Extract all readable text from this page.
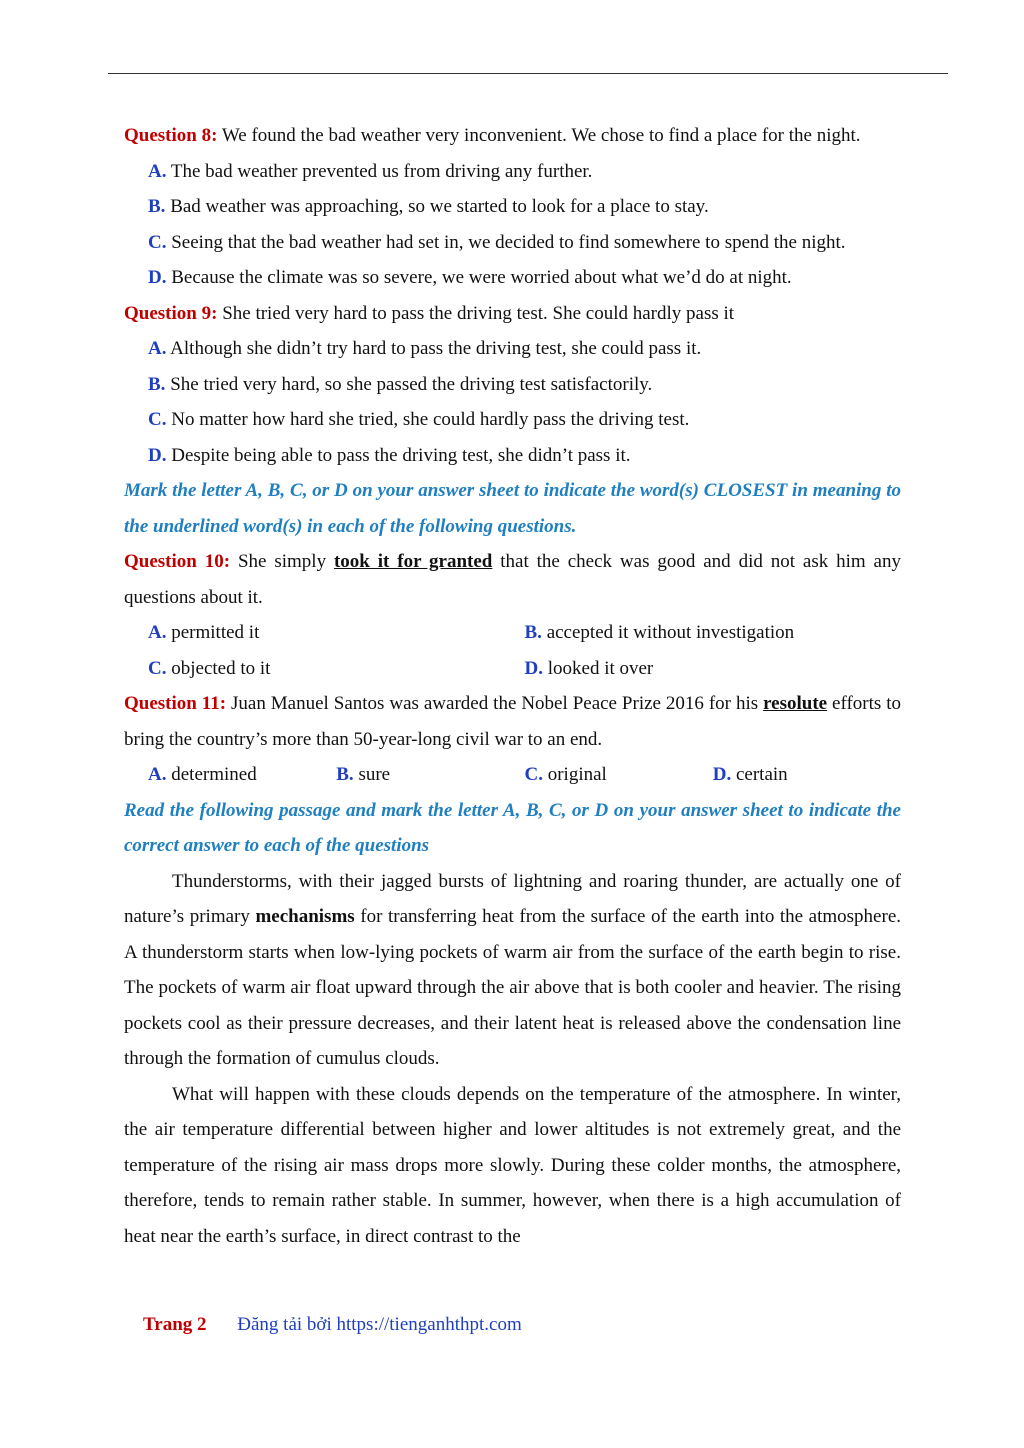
Question 8: We found the bad weather very inconvenient. We chose to find a place for the night.

A. The bad weather prevented us from driving any further.

B. Bad weather was approaching, so we started to look for a place to stay.

C. Seeing that the bad weather had set in, we decided to find somewhere to spend the night.

D. Because the climate was so severe, we were worried about what we’d do at night.

Question 9: She tried very hard to pass the driving test. She could hardly pass it

A. Although she didn’t try hard to pass the driving test, she could pass it.

B. She tried very hard, so she passed the driving test satisfactorily.

C. No matter how hard she tried, she could hardly pass the driving test.

D. Despite being able to pass the driving test, she didn’t pass it.

Mark the letter A, B, C, or D on your answer sheet to indicate the word(s) CLOSEST in meaning to the underlined word(s) in each of the following questions.

Question 10: She simply took it for granted that the check was good and did not ask him any questions about it.

A. permitted it	B. accepted it without investigation
C. objected to it	D. looked it over

Question 11: Juan Manuel Santos was awarded the Nobel Peace Prize 2016 for his resolute efforts to bring the country’s more than 50-year-long civil war to an end.

A. determined	B. sure	C. original	D. certain

Read the following passage and mark the letter A, B, C, or D on your answer sheet to indicate the correct answer to each of the questions

Thunderstorms, with their jagged bursts of lightning and roaring thunder, are actually one of nature’s primary mechanisms for transferring heat from the surface of the earth into the atmosphere. A thunderstorm starts when low-lying pockets of warm air from the surface of the earth begin to rise. The pockets of warm air float upward through the air above that is both cooler and heavier. The rising pockets cool as their pressure decreases, and their latent heat is released above the condensation line through the formation of cumulus clouds.

What will happen with these clouds depends on the temperature of the atmosphere. In winter, the air temperature differential between higher and lower altitudes is not extremely great, and the temperature of the rising air mass drops more slowly. During these colder months, the atmosphere, therefore, tends to remain rather stable. In summer, however, when there is a high accumulation of heat near the earth’s surface, in direct contrast to the

Trang 2 Đăng tải bởi https://tienganhthpt.com
